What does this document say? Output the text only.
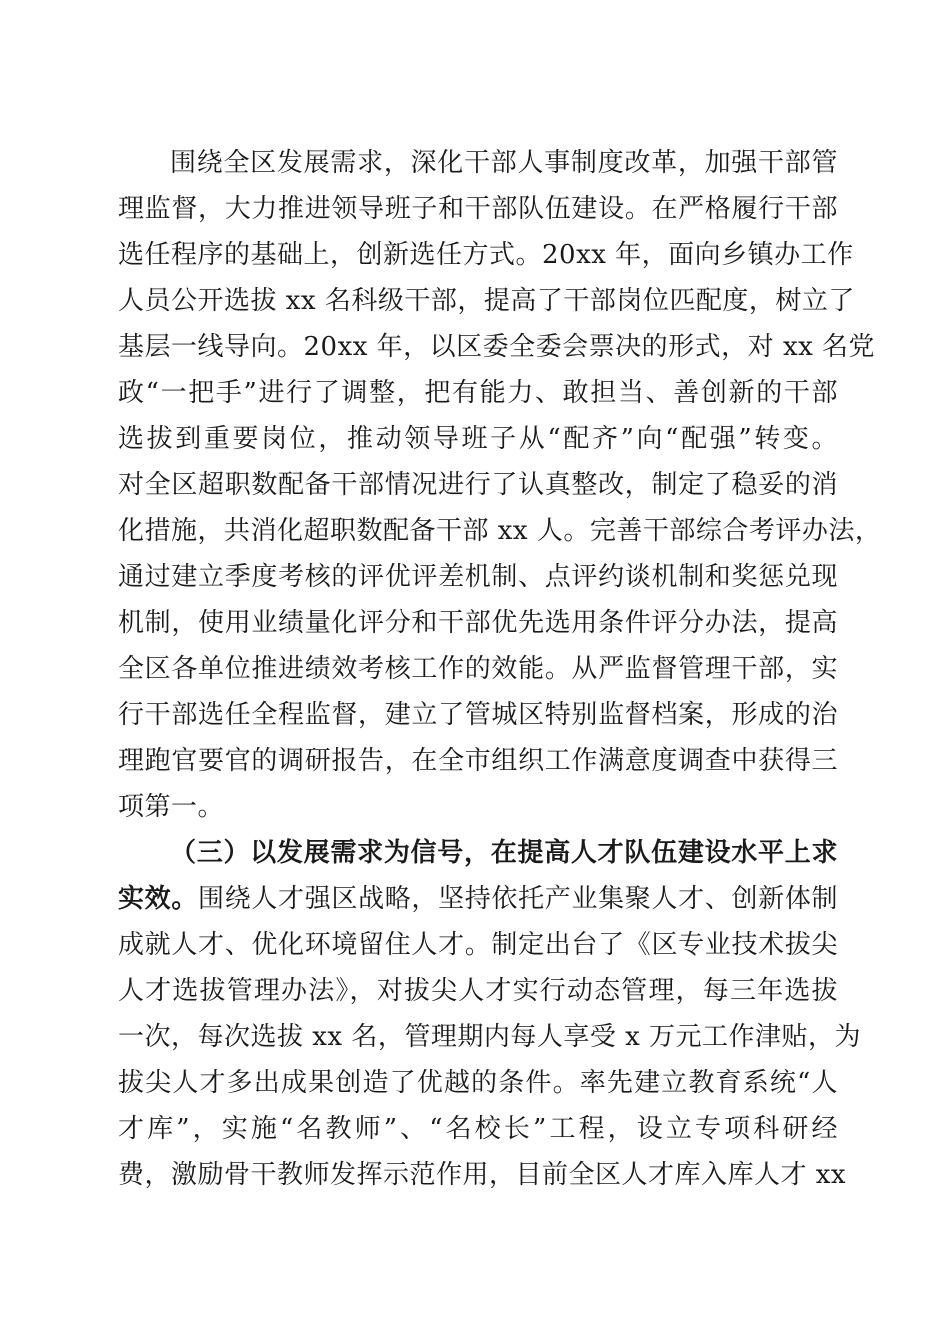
围绕全区发展需求，深化干部人事制度改革，加强干部管
理监督，大力推进领导班子和干部队伍建设。在严格履行干部
选任程序的基础上，创新选任方式。20xx 年，面向乡镇办工作
人员公开选拔 xx 名科级干部，提高了干部岗位匹配度，树立了
基层一线导向。20xx 年，以区委全委会票决的形式，对 xx 名党
政“一把手”进行了调整，把有能力、敢担当、善创新的干部
选拔到重要岗位，推动领导班子从“配齐”向“配强”转变。
对全区超职数配备干部情况进行了认真整改，制定了稳妥的消
化措施，共消化超职数配备干部 xx 人。完善干部综合考评办法，
通过建立季度考核的评优评差机制、点评约谈机制和奖惩兑现
机制，使用业绩量化评分和干部优先选用条件评分办法，提高
全区各单位推进绩效考核工作的效能。从严监督管理干部，实
行干部选任全程监督，建立了管城区特别监督档案，形成的治
理跑官要官的调研报告，在全市组织工作满意度调查中获得三
项第一。
（三）以发展需求为信号，在提高人才队伍建设水平上求
实效。围绕人才强区战略，坚持依托产业集聚人才、创新体制
成就人才、优化环境留住人才。制定出台了《区专业技术拔尖
人才选拔管理办法》，对拔尖人才实行动态管理，每三年选拔
一次，每次选拔 xx 名，管理期内每人享受 x 万元工作津贴，为
拔尖人才多出成果创造了优越的条件。率先建立教育系统“人
才库”，实施“名教师”、“名校长”工程，设立专项科研经
费，激励骨干教师发挥示范作用，目前全区人才库入库人才 xx
